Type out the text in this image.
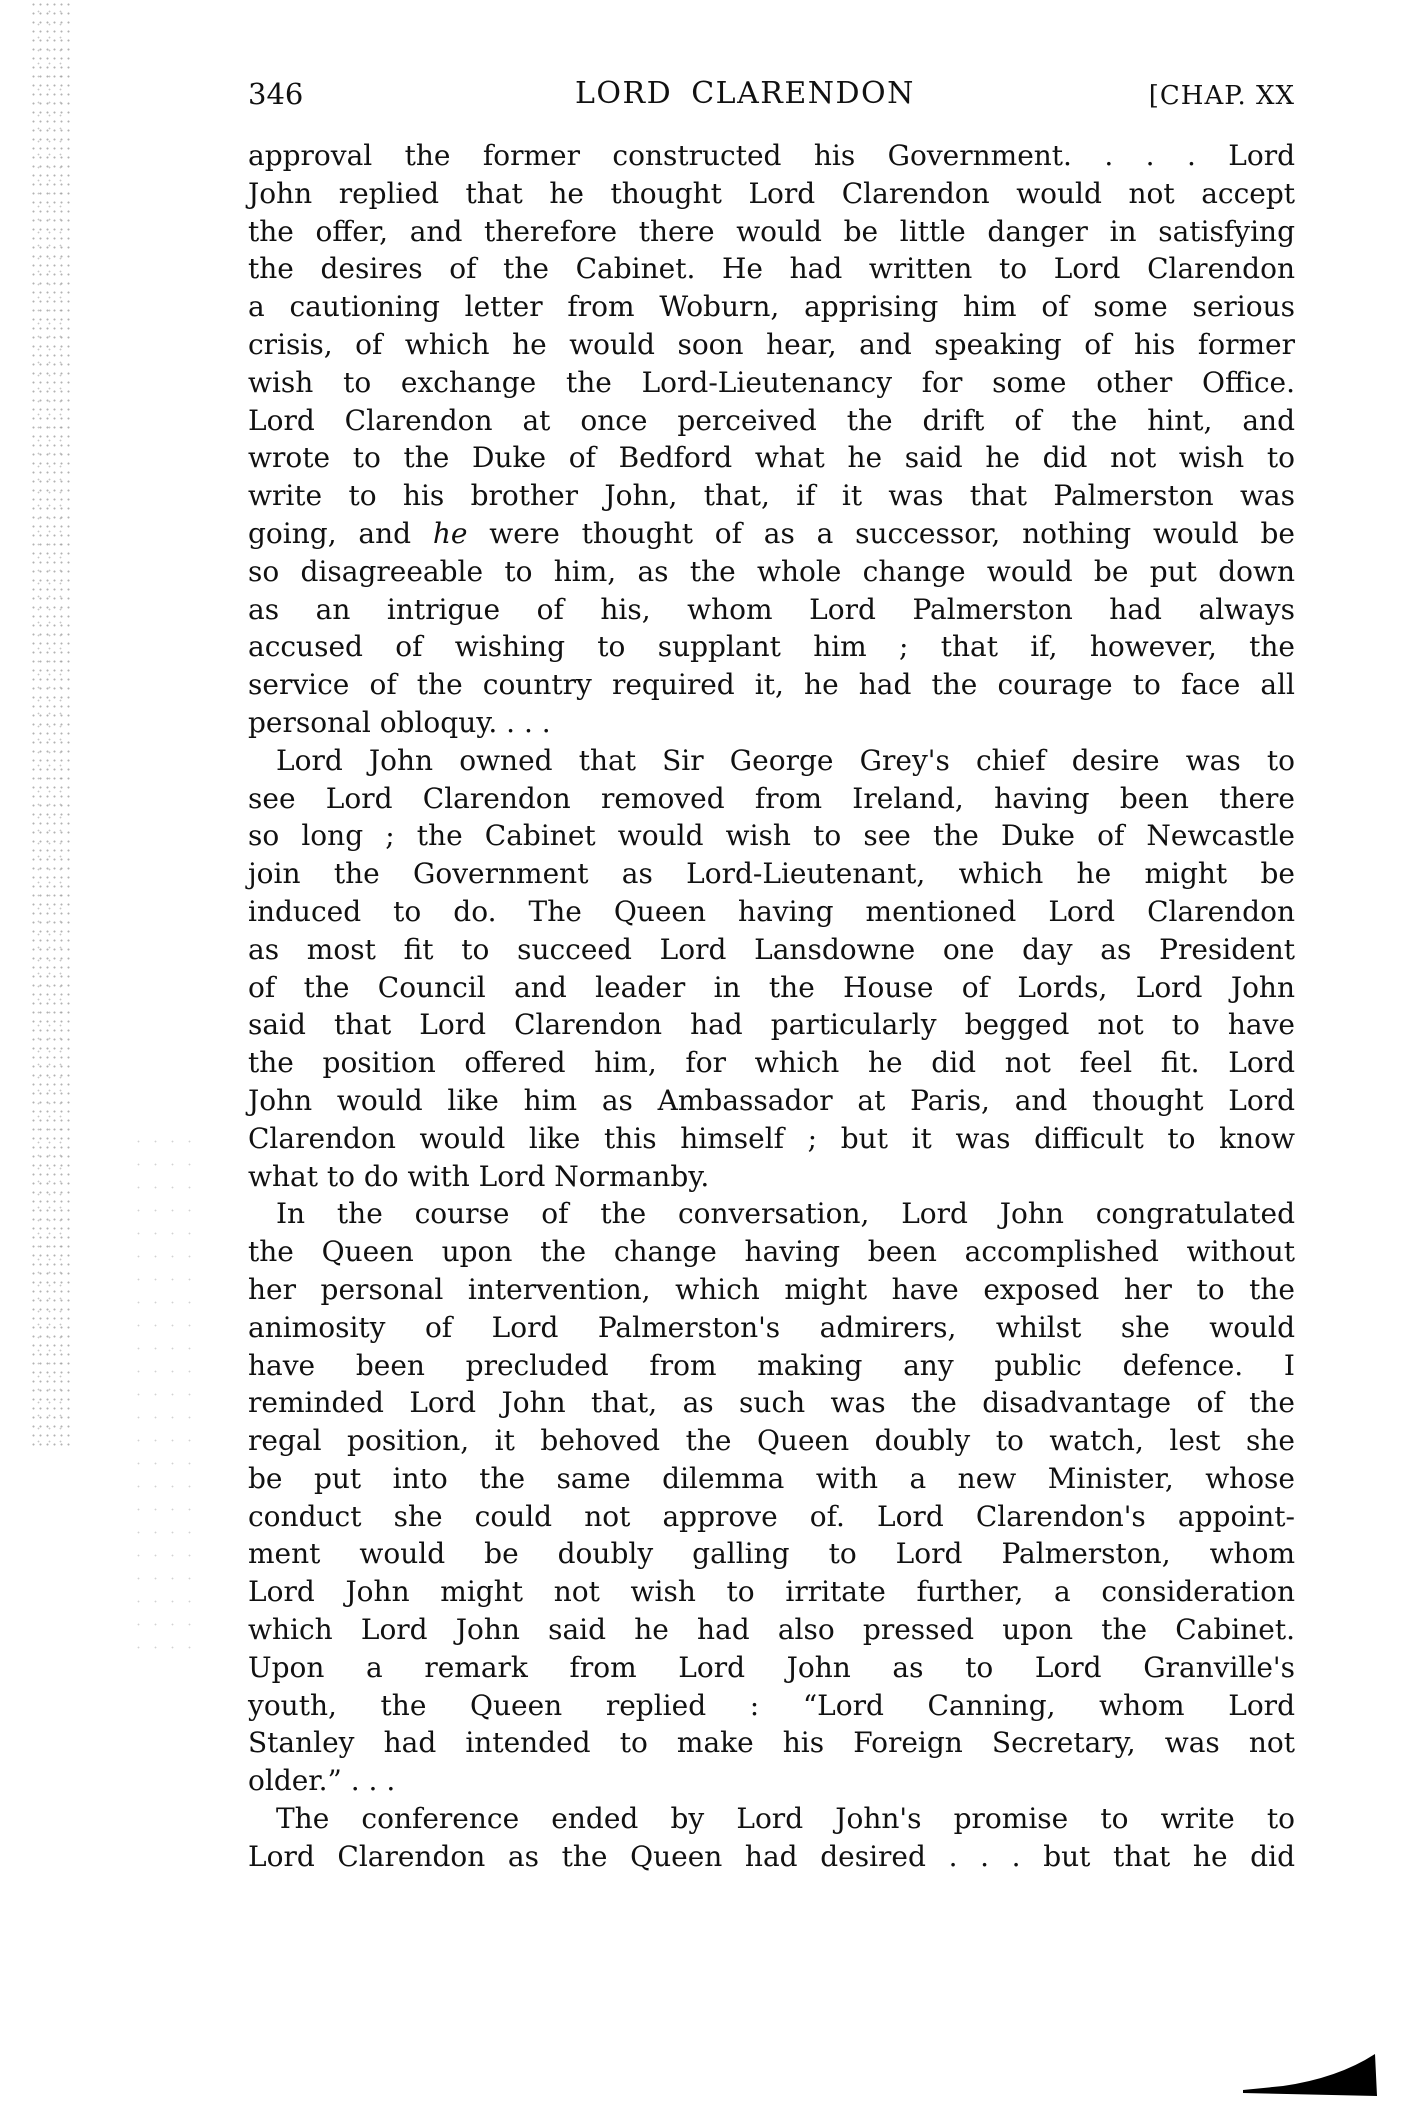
346	LORD CLARENDON	[CHAP. XX
approval the former constructed his Government. . . . Lord
John replied that he thought Lord Clarendon would not accept
the offer, and therefore there would be little danger in satisfying
the desires of the Cabinet. He had written to Lord Clarendon
a cautioning letter from Woburn, apprising him of some serious
crisis, of which he would soon hear, and speaking of his former
wish to exchange the Lord-Lieutenancy for some other Office.
Lord Clarendon at once perceived the drift of the hint, and
wrote to the Duke of Bedford what he said he did not wish to
write to his brother John, that, if it was that Palmerston was
going, and he were thought of as a successor, nothing would be
so disagreeable to him, as the whole change would be put down
as an intrigue of his, whom Lord Palmerston had always
accused of wishing to supplant him ; that if, however, the
service of the country required it, he had the courage to face all
personal obloquy. . . .
Lord John owned that Sir George Grey's chief desire was to
see Lord Clarendon removed from Ireland, having been there
so long ; the Cabinet would wish to see the Duke of Newcastle
join the Government as Lord-Lieutenant, which he might be
induced to do. The Queen having mentioned Lord Clarendon
as most fit to succeed Lord Lansdowne one day as President
of the Council and leader in the House of Lords, Lord John
said that Lord Clarendon had particularly begged not to have
the position offered him, for which he did not feel fit. Lord
John would like him as Ambassador at Paris, and thought Lord
Clarendon would like this himself ; but it was difficult to know
what to do with Lord Normanby.
In the course of the conversation, Lord John congratulated
the Queen upon the change having been accomplished without
her personal intervention, which might have exposed her to the
animosity of Lord Palmerston's admirers, whilst she would
have been precluded from making any public defence. I
reminded Lord John that, as such was the disadvantage of the
regal position, it behoved the Queen doubly to watch, lest she
be put into the same dilemma with a new Minister, whose
conduct she could not approve of. Lord Clarendon's appoint-
ment would be doubly galling to Lord Palmerston, whom
Lord John might not wish to irritate further, a consideration
which Lord John said he had also pressed upon the Cabinet.
Upon a remark from Lord John as to Lord Granville's
youth, the Queen replied : “Lord Canning, whom Lord
Stanley had intended to make his Foreign Secretary, was not
older.” . . .
The conference ended by Lord John's promise to write to
Lord Clarendon as the Queen had desired . . . but that he did
